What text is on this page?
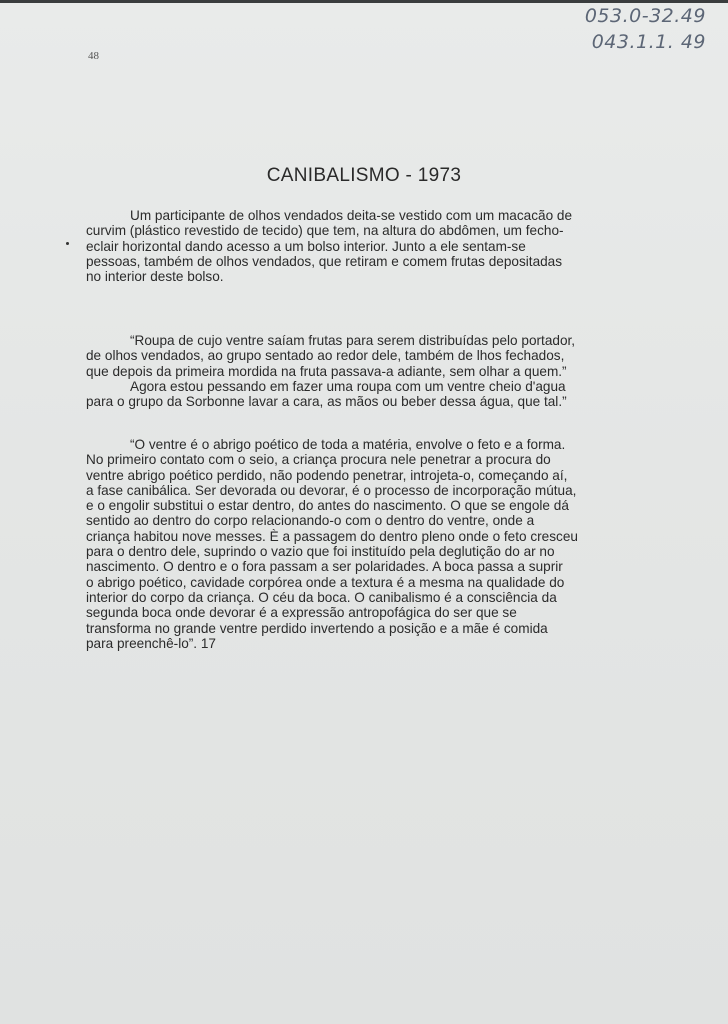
48
053.0-32.49
043.1.1. 49
CANIBALISMO - 1973
Um participante de olhos vendados deita-se vestido com um macacão de
curvim (plástico revestido de tecido) que tem, na altura do abdômen, um fecho-
eclair horizontal dando acesso a um bolso interior. Junto a ele sentam-se
pessoas, também de olhos vendados, que retiram e comem frutas depositadas
no interior deste bolso.
“Roupa de cujo ventre saíam frutas para serem distribuídas pelo portador,
de olhos vendados, ao grupo sentado ao redor dele, também de lhos fechados,
que depois da primeira mordida na fruta passava-a adiante, sem olhar a quem.”
Agora estou pessando em fazer uma roupa com um ventre cheio d'agua
para o grupo da Sorbonne lavar a cara, as mãos ou beber dessa água, que tal.”
“O ventre é o abrigo poético de toda a matéria, envolve o feto e a forma.
No primeiro contato com o seio, a criança procura nele penetrar a procura do
ventre abrigo poético perdido, não podendo penetrar, introjeta-o, começando aí,
a fase canibálica. Ser devorada ou devorar, é o processo de incorporação mútua,
e o engolir substitui o estar dentro, do antes do nascimento. O que se engole dá
sentido ao dentro do corpo relacionando-o com o dentro do ventre, onde a
criança habitou nove messes. È a passagem do dentro pleno onde o feto cresceu
para o dentro dele, suprindo o vazio que foi instituído pela deglutição do ar no
nascimento. O dentro e o fora passam a ser polaridades. A boca passa a suprir
o abrigo poético, cavidade corpórea onde a textura é a mesma na qualidade do
interior do corpo da criança. O céu da boca. O canibalismo é a consciência da
segunda boca onde devorar é a expressão antropofágica do ser que se
transforma no grande ventre perdido invertendo a posição e a mãe é comida
para preenchê-lo”. 17
